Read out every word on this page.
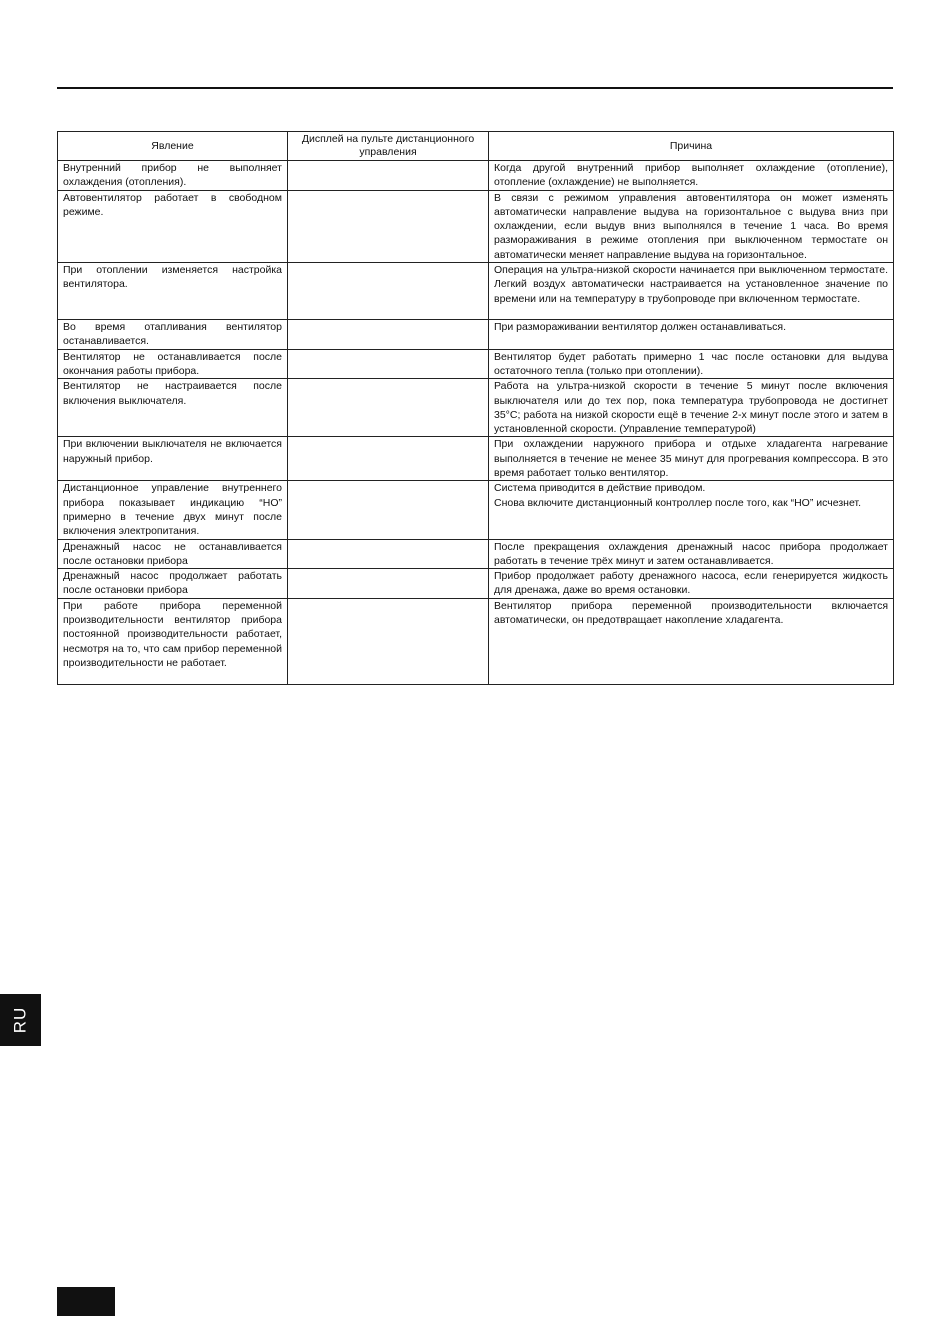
Явление	Дисплей на пульте дистанционного управления	Причина
Внутренний прибор не выполняет охлаждения (отопления).		Когда другой внутренний прибор выполняет охлаждение (отопление), отопление (охлаждение) не выполняется.
Автовентилятор работает в свободном режиме.		В связи с режимом управления автовентилятора он может изменять автоматически направление выдува на горизонтальное с выдува вниз при охлаждении, если выдув вниз выполнялся в течение 1 часа. Во время размораживания в режиме отопления при выключенном термостате он автоматически меняет направление выдува на горизонтальное.
При отоплении изменяется настройка вентилятора.		Операция на ультра-низкой скорости начинается при выключенном термостате. Легкий воздух автоматически настраивается на установленное значение по времени или на температуру в трубопроводе при включенном термостате.
Во время отапливания вентилятор останавливается.		При размораживании вентилятор должен останавливаться.
Вентилятор не останавливается после окончания работы прибора.		Вентилятор будет работать примерно 1 час после остановки для выдува остаточного тепла (только при отоплении).
Вентилятор не настраивается после включения выключателя.		Работа на ультра-низкой скорости в течение 5 минут после включения выключателя или до тех пор, пока температура трубопровода не достигнет 35°C; работа на низкой скорости ещё в течение 2-х минут после этого и затем в установленной скорости. (Управление температурой)
При включении выключателя не включается наружный прибор.		При охлаждении наружного прибора и отдыхе хладагента нагревание выполняется в течение не менее 35 минут для прогревания компрессора. В это время работает только вентилятор.
Дистанционное управление внутреннего прибора показывает индикацию “HO” примерно в течение двух минут после включения электропитания.		Система приводится в действие приводом.
Снова включите дистанционный контроллер после того, как “HO” исчезнет.
Дренажный насос не останавливается после остановки прибора		После прекращения охлаждения дренажный насос прибора продолжает работать в течение трёх минут и затем останавливается.
Дренажный насос продолжает работать после остановки прибора		Прибор продолжает работу дренажного насоса, если генерируется жидкость для дренажа, даже во время остановки.
При работе прибора переменной производительности вентилятор прибора постоянной производительности работает, несмотря на то, что сам прибор переменной производительности не работает.		Вентилятор прибора переменной производительности включается автоматически, он предотвращает накопление хладагента.
RU
